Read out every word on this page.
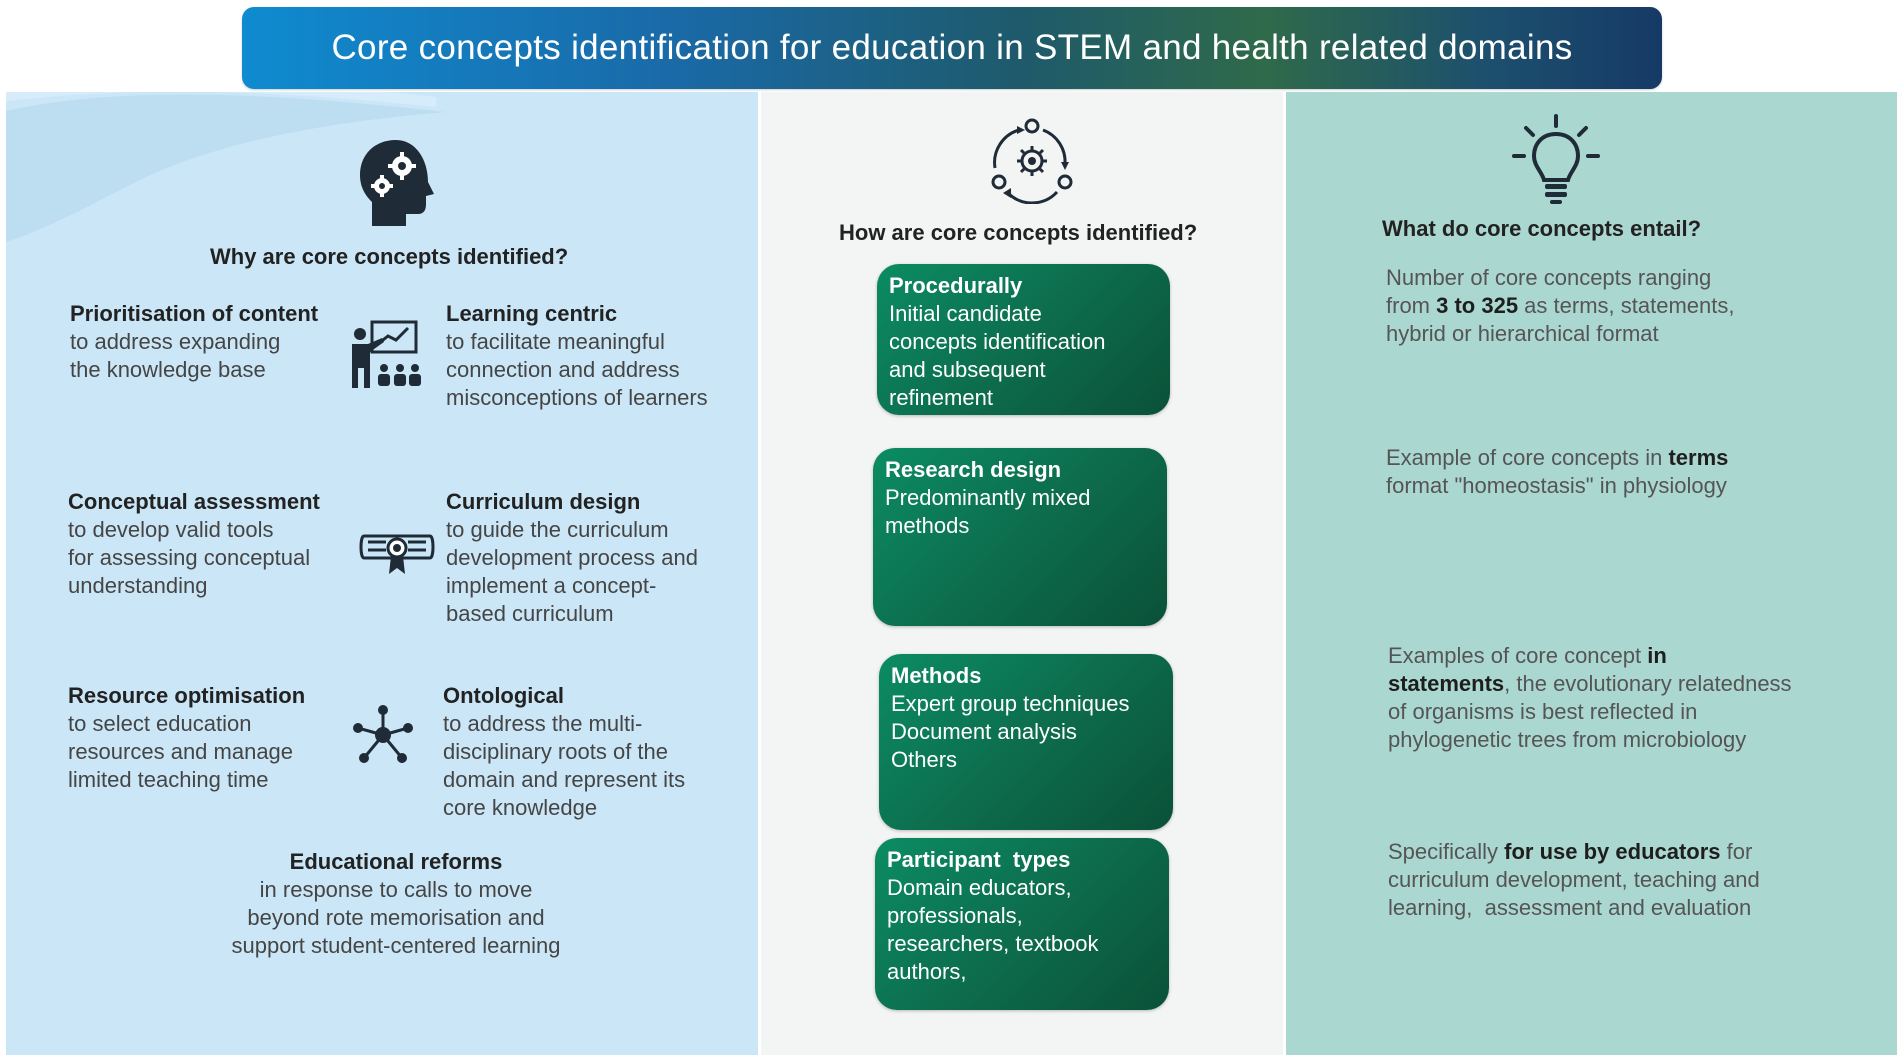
Core concepts identification for education in STEM and health related domains
Why are core concepts identified?
Prioritisation of content
to address expanding
the knowledge base
Learning centric
to facilitate meaningful
connection and address
misconceptions of learners
Conceptual assessment
to develop valid tools
for assessing conceptual
understanding
Curriculum design
to guide the curriculum
development process and
implement a concept-
based curriculum
Resource optimisation
to select education
resources and manage
limited teaching time
Ontological
to address the multi-
disciplinary roots of the
domain and represent its
core knowledge
Educational reforms
in response to calls to move
beyond rote memorisation and
support student-centered learning
How are core concepts identified?
Procedurally
Initial candidate
concepts identification
and subsequent
refinement
Research design
Predominantly mixed
methods
Methods
Expert group techniques
Document analysis
Others
Participant  types
Domain educators,
professionals,
researchers, textbook
authors,
What do core concepts entail?
Number of core concepts ranging
from 3 to 325 as terms, statements,
hybrid or hierarchical format
Example of core concepts in terms
format "homeostasis" in physiology
Examples of core concept in
statements, the evolutionary relatedness
of organisms is best reflected in
phylogenetic trees from microbiology
Specifically for use by educators for
curriculum development, teaching and
learning,  assessment and evaluation
